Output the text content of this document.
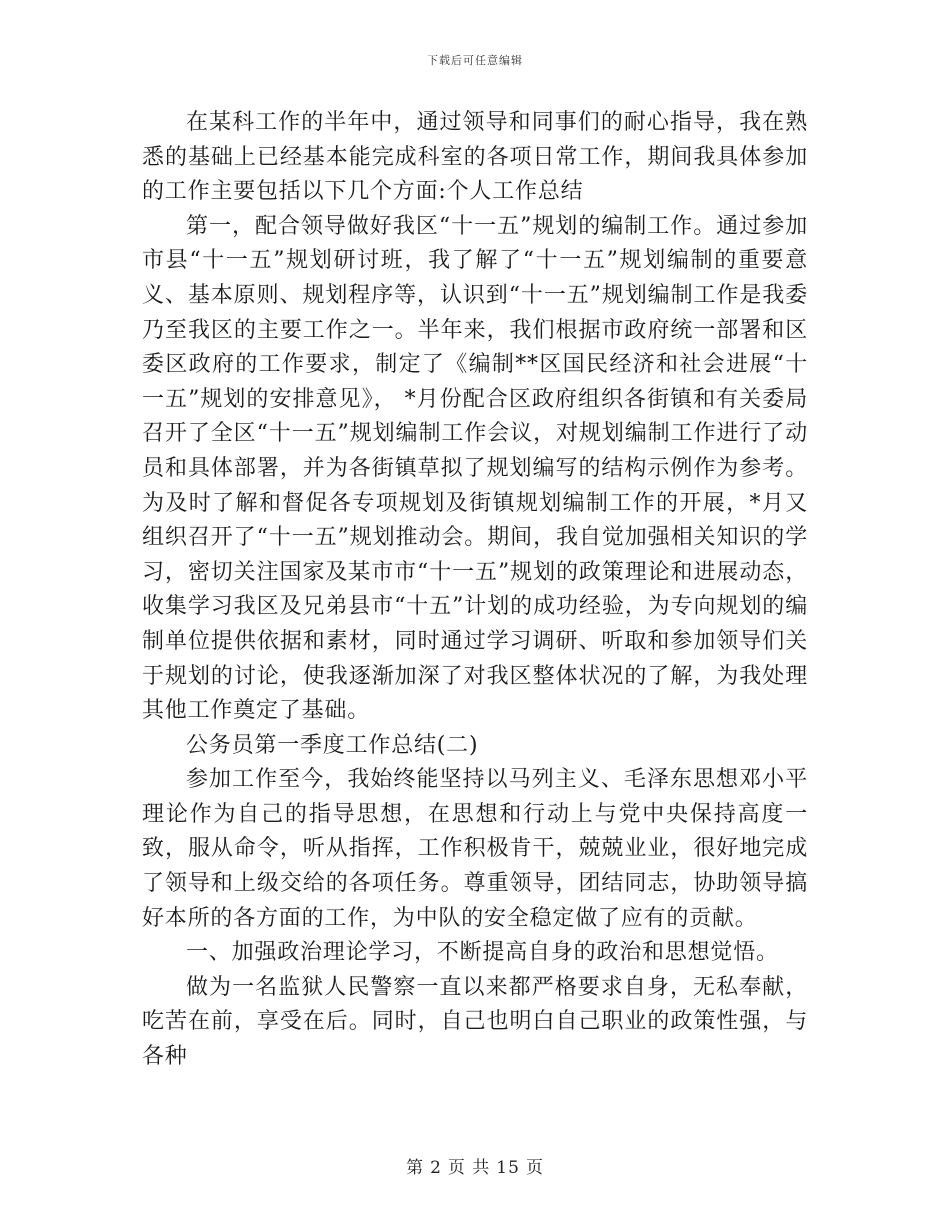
下载后可任意编辑

在某科工作的半年中，通过领导和同事们的耐心指导，我在熟悉的基础上已经基本能完成科室的各项日常工作，期间我具体参加的工作主要包括以下几个方面:个人工作总结

第一，配合领导做好我区“十一五”规划的编制工作。通过参加市县“十一五”规划研讨班，我了解了“十一五”规划编制的重要意义、基本原则、规划程序等，认识到“十一五”规划编制工作是我委乃至我区的主要工作之一。半年来，我们根据市政府统一部署和区委区政府的工作要求，制定了《编制**区国民经济和社会进展“十一五”规划的安排意见》， *月份配合区政府组织各街镇和有关委局召开了全区“十一五”规划编制工作会议，对规划编制工作进行了动员和具体部署，并为各街镇草拟了规划编写的结构示例作为参考。为及时了解和督促各专项规划及街镇规划编制工作的开展，*月又组织召开了“十一五”规划推动会。期间，我自觉加强相关知识的学习，密切关注国家及某市市“十一五”规划的政策理论和进展动态，收集学习我区及兄弟县市“十五”计划的成功经验，为专向规划的编制单位提供依据和素材，同时通过学习调研、听取和参加领导们关于规划的讨论，使我逐渐加深了对我区整体状况的了解，为我处理其他工作奠定了基础。

公务员第一季度工作总结(二)

参加工作至今，我始终能坚持以马列主义、毛泽东思想邓小平理论作为自己的指导思想，在思想和行动上与党中央保持高度一致，服从命令，听从指挥，工作积极肯干，兢兢业业，很好地完成了领导和上级交给的各项任务。尊重领导，团结同志，协助领导搞好本所的各方面的工作，为中队的安全稳定做了应有的贡献。

一、加强政治理论学习，不断提高自身的政治和思想觉悟。

做为一名监狱人民警察一直以来都严格要求自身，无私奉献，吃苦在前，享受在后。同时，自己也明白自己职业的政策性强，与各种

第 2 页 共 15 页
